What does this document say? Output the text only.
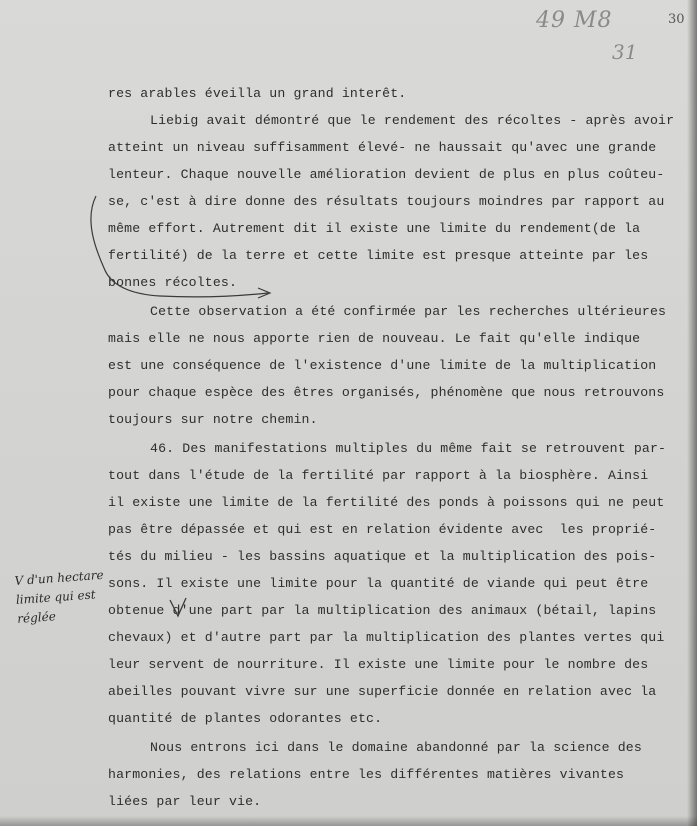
49 M8	30
31
res arables éveilla un grand interêt.
Liebig avait démontré que le rendement des récoltes - après avoir
atteint un niveau suffisamment élevé- ne haussait qu'avec une grande
lenteur. Chaque nouvelle amélioration devient de plus en plus coûteu-
se, c'est à dire donne des résultats toujours moindres par rapport au
même effort. Autrement dit il existe une limite du rendement(de la
fertilité) de la terre et cette limite est presque atteinte par les
bonnes récoltes.
Cette observation a été confirmée par les recherches ultérieures
mais elle ne nous apporte rien de nouveau. Le fait qu'elle indique
est une conséquence de l'existence d'une limite de la multiplication
pour chaque espèce des êtres organisés, phénomène que nous retrouvons
toujours sur notre chemin.
46. Des manifestations multiples du même fait se retrouvent par-
tout dans l'étude de la fertilité par rapport à la biosphère. Ainsi
il existe une limite de la fertilité des ponds à poissons qui ne peut
pas être dépassée et qui est en relation évidente avec  les proprié-
tés du milieu - les bassins aquatique et la multiplication des pois-
sons. Il existe une limite pour la quantité de viande qui peut être
obtenue d'une part par la multiplication des animaux (bétail, lapins
chevaux) et d'autre part par la multiplication des plantes vertes qui
leur servent de nourriture. Il existe une limite pour le nombre des
abeilles pouvant vivre sur une superficie donnée en relation avec la
quantité de plantes odorantes etc.
Nous entrons ici dans le domaine abandonné par la science des
harmonies, des relations entre les différentes matières vivantes
liées par leur vie.
V d'un hectare
limite qui est
réglée
